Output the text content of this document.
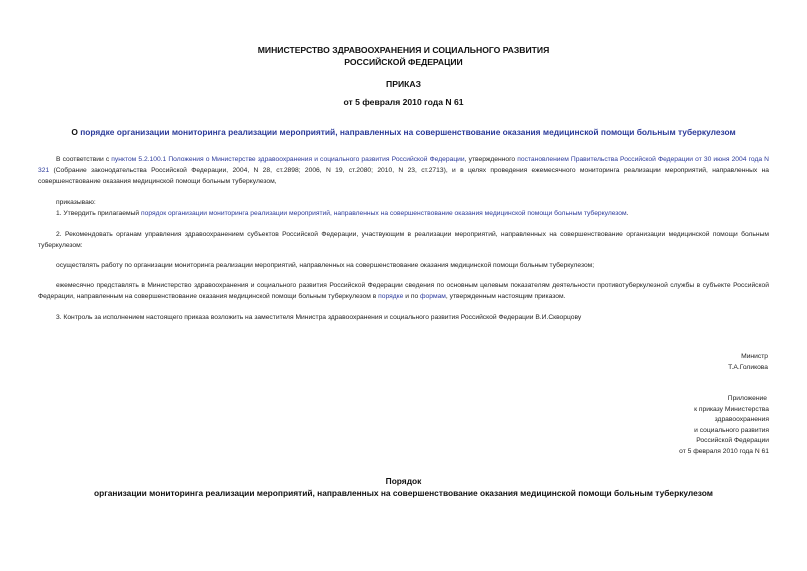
МИНИСТЕРСТВО ЗДРАВООХРАНЕНИЯ И СОЦИАЛЬНОГО РАЗВИТИЯ
РОССИЙСКОЙ ФЕДЕРАЦИИ
ПРИКАЗ
от 5 февраля 2010 года N 61
О порядке организации мониторинга реализации мероприятий, направленных на совершенствование оказания медицинской помощи больным туберкулезом
В соответствии с пунктом 5.2.100.1 Положения о Министерстве здравоохранения и социального развития Российской Федерации, утвержденного постановлением Правительства Российской Федерации от 30 июня 2004 года N 321 (Собрание законодательства Российской Федерации, 2004, N 28, ст.2898; 2006, N 19, ст.2080; 2010, N 23, ст.2713), и в целях проведения ежемесячного мониторинга реализации мероприятий, направленных на совершенствование оказания медицинской помощи больным туберкулезом,
приказываю:
1. Утвердить прилагаемый порядок организации мониторинга реализации мероприятий, направленных на совершенствование оказания медицинской помощи больным туберкулезом.
2. Рекомендовать органам управления здравоохранением субъектов Российской Федерации, участвующим в реализации мероприятий, направленных на совершенствование организации медицинской помощи больным туберкулезом:
осуществлять работу по организации мониторинга реализации мероприятий, направленных на совершенствование оказания медицинской помощи больным туберкулезом;
ежемесячно представлять в Министерство здравоохранения и социального развития Российской Федерации сведения по основным целевым показателям деятельности противотуберкулезной службы в субъекте Российской Федерации, направленным на совершенствование оказания медицинской помощи больным туберкулезом в порядке и по формам, утвержденным настоящим приказом.
3. Контроль за исполнением настоящего приказа возложить на заместителя Министра здравоохранения и социального развития Российской Федерации В.И.Скворцову
Министр
Т.А.Голикова
Приложение
к приказу Министерства
здравоохранения
и социального развития
Российской Федерации
от 5 февраля 2010 года N 61
Порядок
организации мониторинга реализации мероприятий, направленных на совершенствование оказания медицинской помощи больным туберкулезом
